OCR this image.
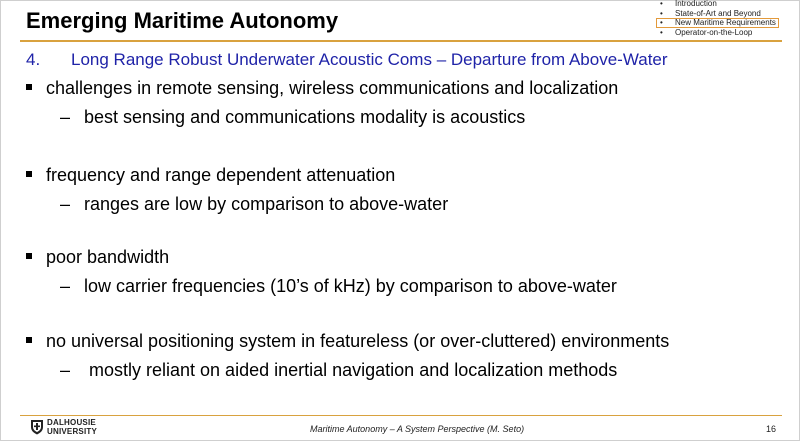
Emerging Maritime Autonomy
•	Introduction
•	State-of-Art and Beyond
•	New Maritime Requirements
•	Operator-on-the-Loop
4. Long Range Robust Underwater Acoustic Coms – Departure from Above-Water
challenges in remote sensing, wireless communications and localization
– best sensing and communications modality is acoustics
frequency and range dependent attenuation
– ranges are low by comparison to above-water
poor bandwidth
– low carrier frequencies (10’s of kHz) by comparison to above-water
no universal positioning system in featureless (or over-cluttered) environments
– mostly reliant on aided inertial navigation and localization methods
DALHOUSIE
UNIVERSITY	Maritime Autonomy – A System Perspective (M. Seto)	16
